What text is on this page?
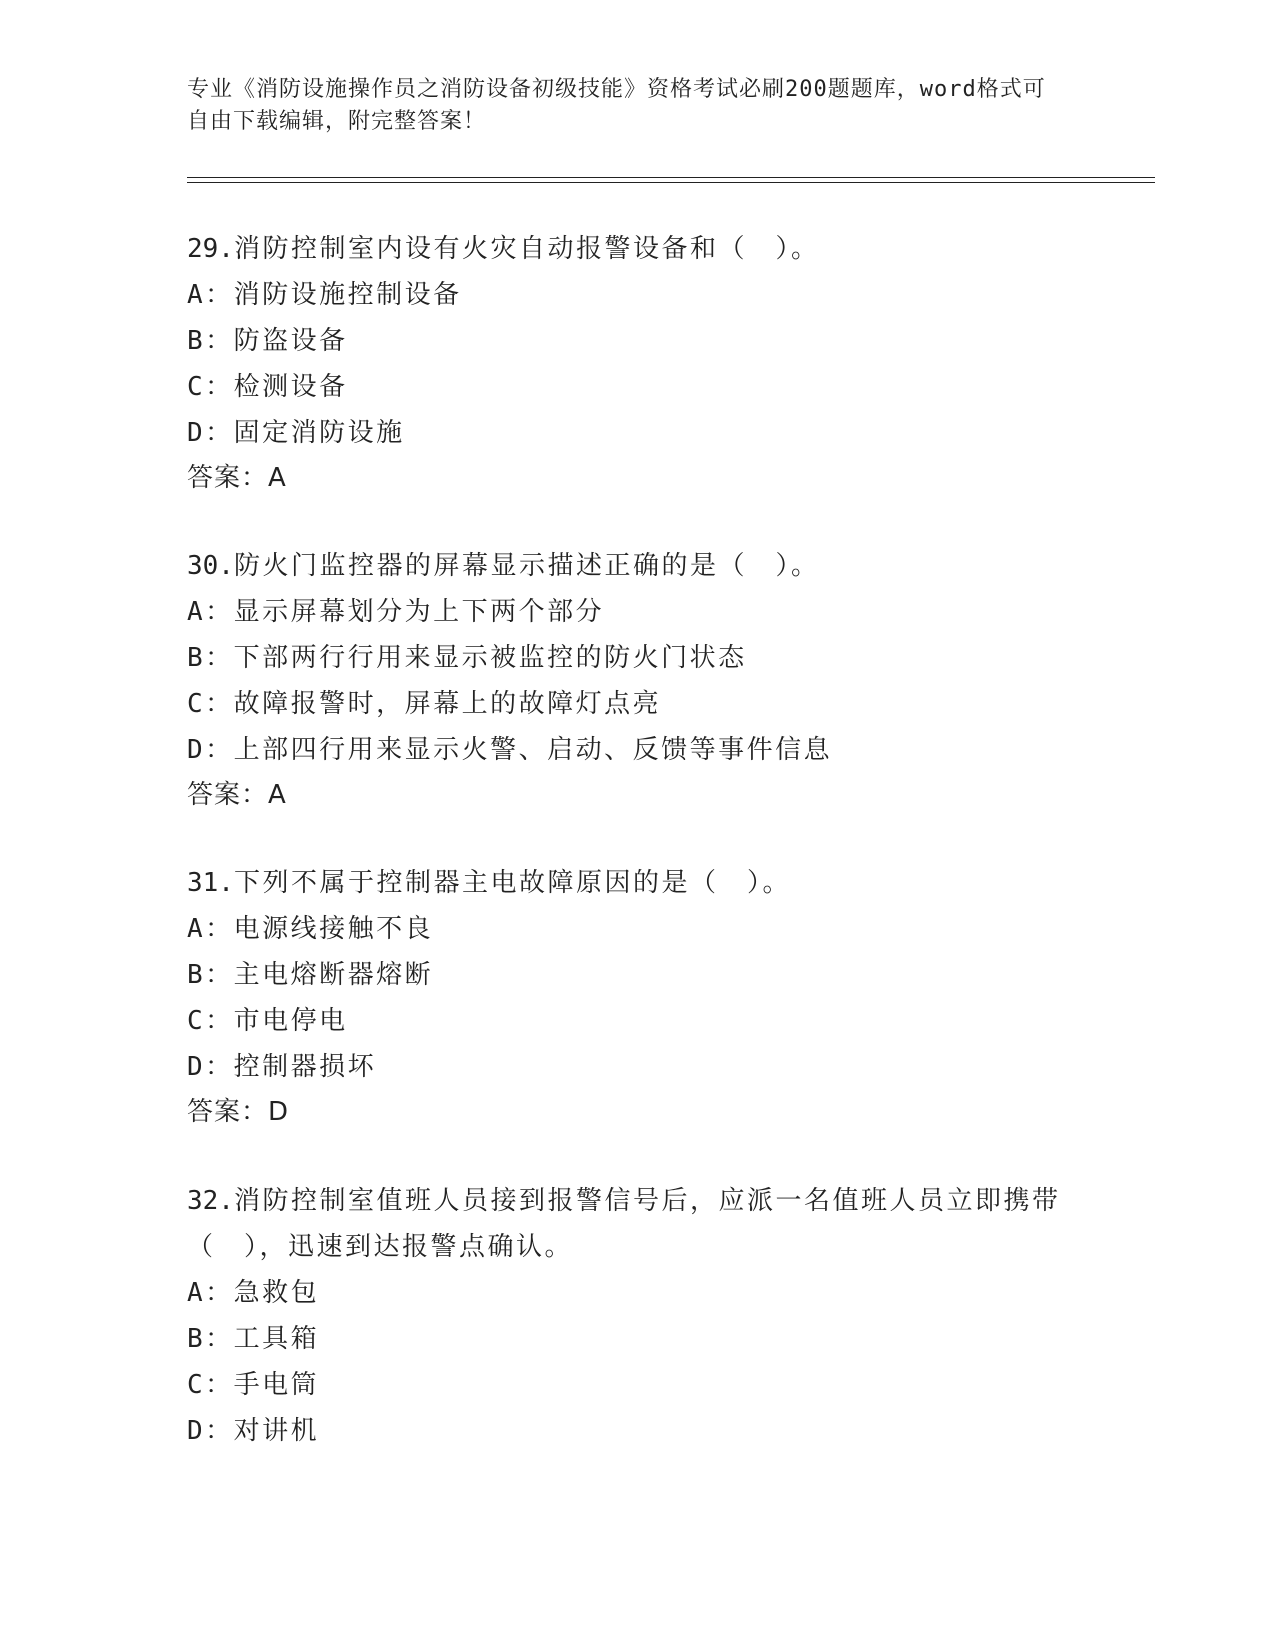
专业《消防设施操作员之消防设备初级技能》资格考试必刷200题题库，word格式可自由下载编辑，附完整答案！

29.消防控制室内设有火灾自动报警设备和（　）。

A：消防设施控制设备

B：防盗设备

C：检测设备

D：固定消防设施

答案：A

30.防火门监控器的屏幕显示描述正确的是（　）。

A：显示屏幕划分为上下两个部分

B：下部两行行用来显示被监控的防火门状态

C：故障报警时，屏幕上的故障灯点亮

D：上部四行用来显示火警、启动、反馈等事件信息

答案：A

31.下列不属于控制器主电故障原因的是（　）。

A：电源线接触不良

B：主电熔断器熔断

C：市电停电

D：控制器损坏

答案：D

32.消防控制室值班人员接到报警信号后，应派一名值班人员立即携带（　），迅速到达报警点确认。

A：急救包

B：工具箱

C：手电筒

D：对讲机
